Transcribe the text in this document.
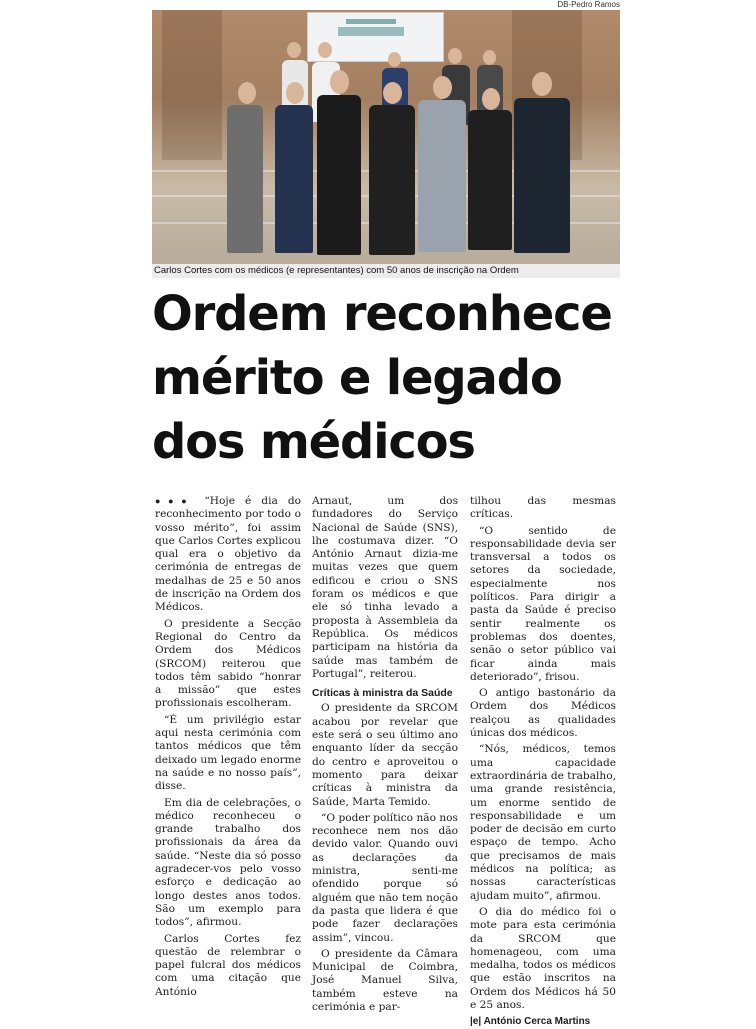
DB-Pedro Ramos
Carlos Cortes com os médicos (e representantes) com 50 anos de inscrição na Ordem
Ordem reconhece mérito e legado dos médicos

●●● “Hoje é dia do reconhecimento por todo o vosso mérito”, foi assim que Carlos Cortes explicou qual era o objetivo da cerimónia de entregas de medalhas de 25 e 50 anos de inscrição na Ordem dos Médicos.

O presidente a Secção Regional do Centro da Ordem dos Médicos (SRCOM) reiterou que todos têm sabido “honrar a missão” que estes profissionais escolheram.

“É um privilégio estar aqui nesta cerimónia com tantos médicos que têm deixado um legado enorme na saúde e no nosso país”, disse.

Em dia de celebrações, o médico reconheceu o grande trabalho dos profissionais da área da saúde. “Neste dia só posso agradecer-vos pelo vosso esforço e dedicação ao longo destes anos todos. São um exemplo para todos”, afirmou.

Carlos Cortes fez questão de relembrar o papel fulcral dos médicos com uma citação que António

Arnaut, um dos fundadores do Serviço Nacional de Saúde (SNS), lhe costumava dizer. “O António Arnaut dizia-me muitas vezes que quem edificou e criou o SNS foram os médicos e que ele só tinha levado a proposta à Assembleia da República. Os médicos participam na história da saúde mas também de Portugal”, reiterou.

Críticas à ministra da Saúde

O presidente da SRCOM acabou por revelar que este será o seu último ano enquanto líder da secção do centro e aproveitou o momento para deixar críticas à ministra da Saúde, Marta Temido.

“O poder político não nos reconhece nem nos dão devido valor. Quando ouvi as declarações da ministra, senti-me ofendido porque só alguém que não tem noção da pasta que lidera é que pode fazer declarações assim”, vincou.

O presidente da Câmara Municipal de Coimbra, José Manuel Silva, também esteve na cerimónia e par-

tilhou das mesmas críticas.

“O sentido de responsabilidade devia ser transversal a todos os setores da sociedade, especialmente nos políticos. Para dirigir a pasta da Saúde é preciso sentir realmente os problemas dos doentes, senão o setor público vai ficar ainda mais deteriorado”, frisou.

O antigo bastonário da Ordem dos Médicos realçou as qualidades únicas dos médicos.

“Nós, médicos, temos uma capacidade extraordinária de trabalho, uma grande resistência, um enorme sentido de responsabilidade e um poder de decisão em curto espaço de tempo. Acho que precisamos de mais médicos na política; as nossas características ajudam muito”, afirmou.

O dia do médico foi o mote para esta cerimónia da SRCOM que homenageou, com uma medalha, todos os médicos que estão inscritos na Ordem dos Médicos há 50 e 25 anos.

|e| António Cerca Martins
